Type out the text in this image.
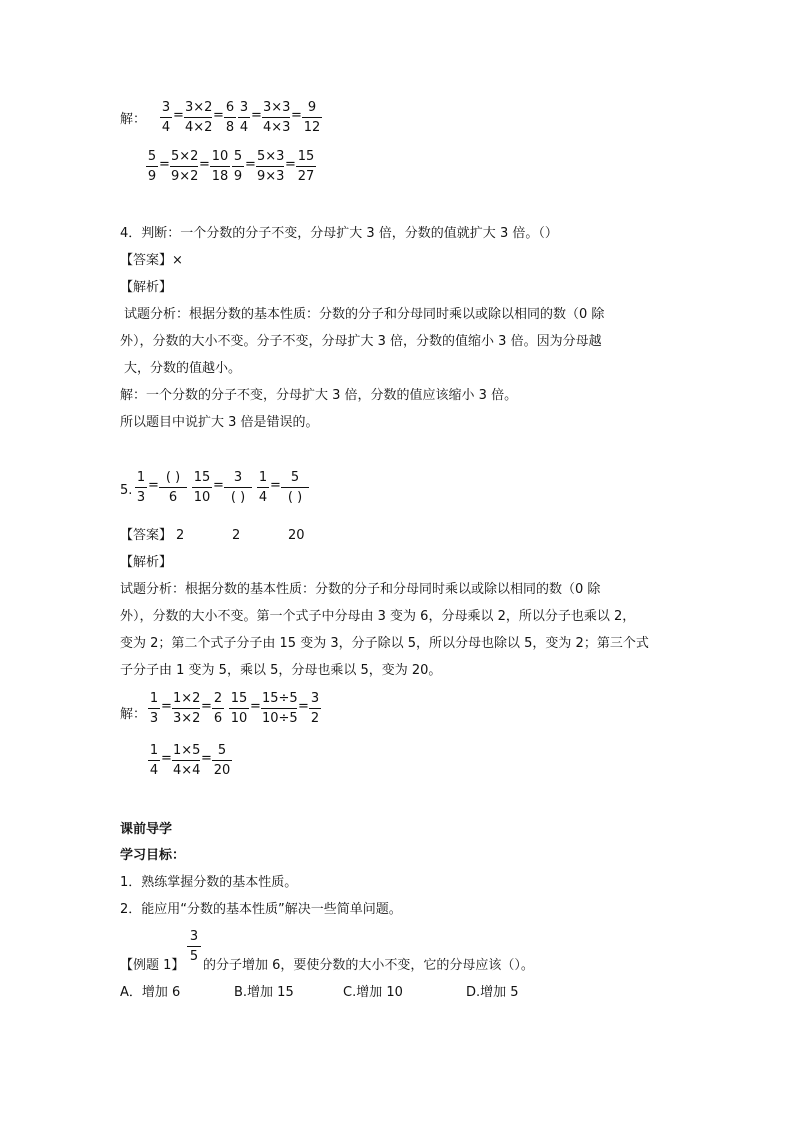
解： $\frac{3}{4} = \frac{3\times 2}{4\times 2} = \frac{6}{8} \frac{3}{4} = \frac{3\times 3}{4\times 3} = \frac{9}{12}$
$\frac{5}{9} = \frac{5\times 2}{9\times 2} = \frac{10}{18} \frac{5}{9} = \frac{5\times 3}{9\times 3} = \frac{15}{27}$
4．判断：一个分数的分子不变，分母扩大 3 倍，分数的值就扩大 3 倍。（）
【答案】×
【解析】
试题分析：根据分数的基本性质：分数的分子和分母同时乘以或除以相同的数（0 除
外），分数的大小不变。分子不变，分母扩大 3 倍，分数的值缩小 3 倍。因为分母越
大，分数的值越小。
解：一个分数的分子不变，分母扩大 3 倍，分数的值应该缩小 3 倍。
所以题目中说扩大 3 倍是错误的。
5. $\frac{1}{3}$ =
( )
6	$\frac{15}{10}$ =
3
( ) $\frac{1}{4}$ =
5
( )
【答案】 2	2	20
【解析】
试题分析：根据分数的基本性质：分数的分子和分母同时乘以或除以相同的数（0 除
外），分数的大小不变。第一个式子中分母由 3 变为 6，分母乘以 2，所以分子也乘以 2，
变为 2；第二个式子分子由 15 变为 3，分子除以 5，所以分母也除以 5，变为 2；第三个式
子分子由 1 变为 5，乘以 5，分母也乘以 5，变为 20。
解： $\frac{1}{3} = \frac{1\times 2}{3\times 2} = \frac{2}{6} \frac{15}{10} = \frac{15\div 5}{10\div 5} = \frac{3}{2}$
$\frac{1}{4} = \frac{1\times 5}{4\times 4} = \frac{5}{20}$
课前导学
学习目标：
1．熟练掌握分数的基本性质。
2．能应用“分数的基本性质”解决一些简单问题。
【例题 1】
$\frac{3}{5}$
的分子增加 6，要使分数的大小不变，它的分母应该（）。
A．增加 6	B.增加 15	C.增加 10	D.增加 5
